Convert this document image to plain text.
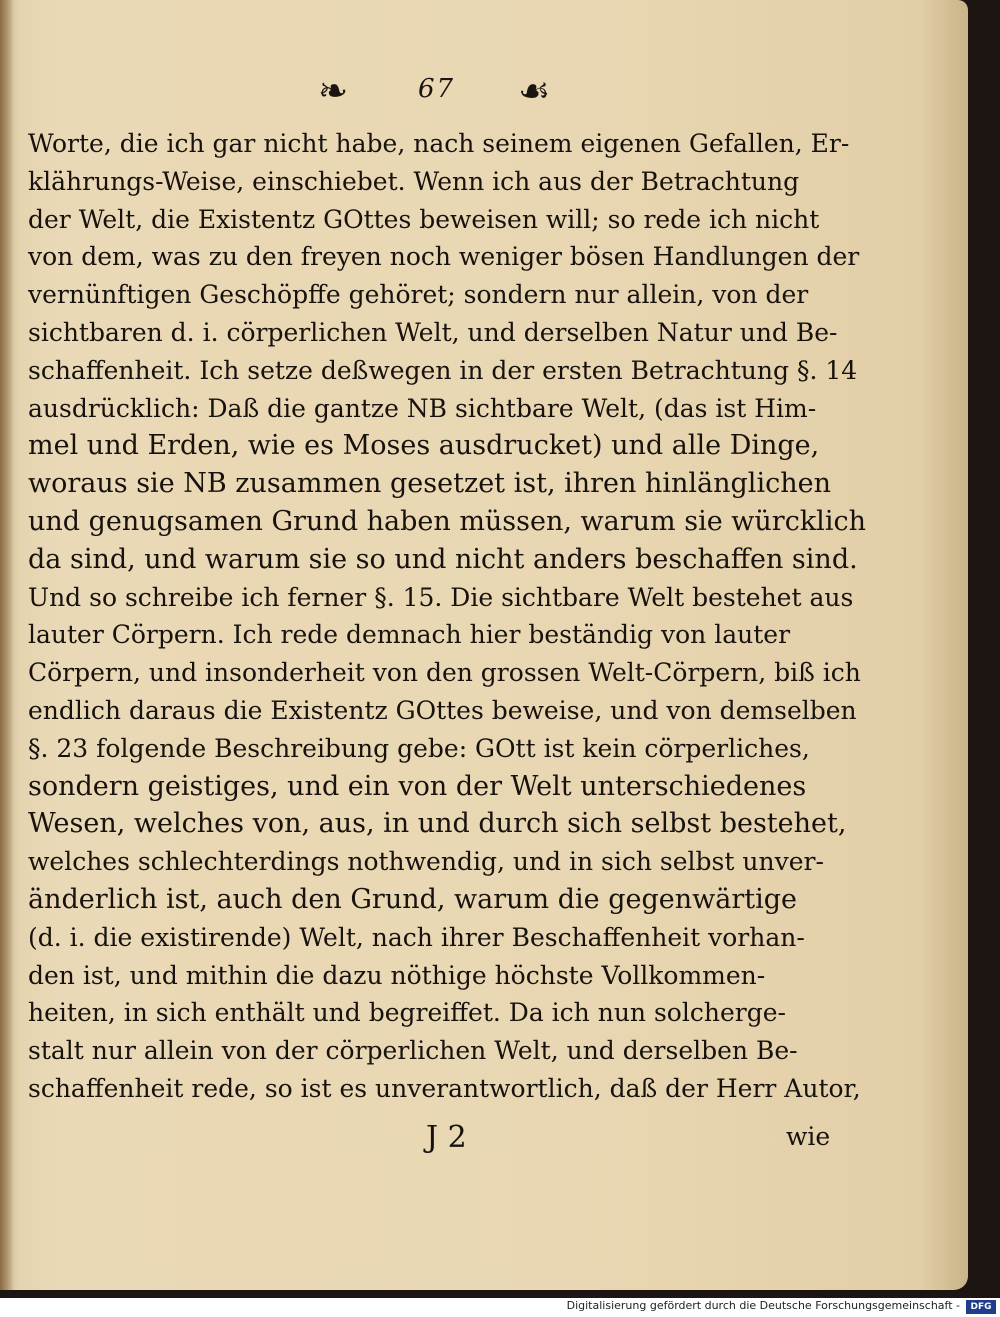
❧	67 ☙
Worte, die ich gar nicht habe, nach seinem eigenen Gefallen, Er-
klährungs-Weise, einschiebet. Wenn ich aus der Betrachtung
der Welt, die Existentz GOttes beweisen will; so rede ich nicht
von dem, was zu den freyen noch weniger bösen Handlungen der
vernünftigen Geschöpffe gehöret; sondern nur allein, von der
sichtbaren d. i. cörperlichen Welt, und derselben Natur und Be-
schaffenheit. Ich setze deßwegen in der ersten Betrachtung §. 14
ausdrücklich: Daß die gantze NB sichtbare Welt, (das ist Him-
mel und Erden, wie es Moses ausdrucket) und alle Dinge,
woraus sie NB zusammen gesetzet ist, ihren hinlänglichen
und genugsamen Grund haben müssen, warum sie würcklich
da sind, und warum sie so und nicht anders beschaffen sind.
Und so schreibe ich ferner §. 15. Die sichtbare Welt bestehet aus
lauter Cörpern. Ich rede demnach hier beständig von lauter
Cörpern, und insonderheit von den grossen Welt-Cörpern, biß ich
endlich daraus die Existentz GOttes beweise, und von demselben
§. 23 folgende Beschreibung gebe: GOtt ist kein cörperliches,
sondern geistiges, und ein von der Welt unterschiedenes
Wesen, welches von, aus, in und durch sich selbst bestehet,
welches schlechterdings nothwendig, und in sich selbst unver-
änderlich ist, auch den Grund, warum die gegenwärtige
(d. i. die existirende) Welt, nach ihrer Beschaffenheit vorhan-
den ist, und mithin die dazu nöthige höchste Vollkommen-
heiten, in sich enthält und begreiffet. Da ich nun solcherge-
stalt nur allein von der cörperlichen Welt, und derselben Be-
schaffenheit rede, so ist es unverantwortlich, daß der Herr Autor,
J 2	wie
Digitalisierung gefördert durch die Deutsche Forschungsgemeinschaft -	DFG
